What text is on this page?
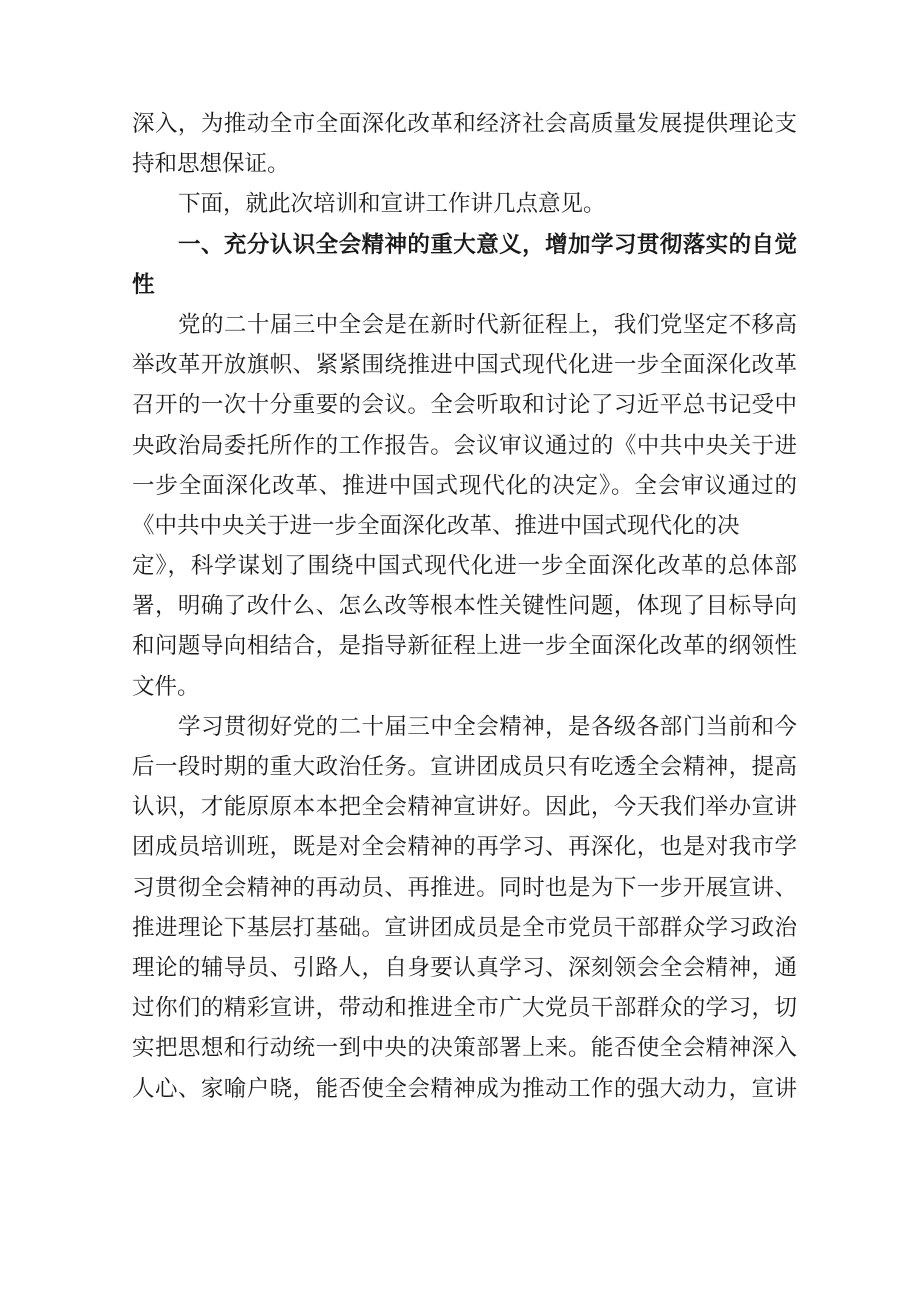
深入，为推动全市全面深化改革和经济社会高质量发展提供理论支
持和思想保证。
下面，就此次培训和宣讲工作讲几点意见。
一、充分认识全会精神的重大意义，增加学习贯彻落实的自觉
性
党的二十届三中全会是在新时代新征程上，我们党坚定不移高
举改革开放旗帜、紧紧围绕推进中国式现代化进一步全面深化改革
召开的一次十分重要的会议。全会听取和讨论了习近平总书记受中
央政治局委托所作的工作报告。会议审议通过的《中共中央关于进
一步全面深化改革、推进中国式现代化的决定》。全会审议通过的
《中共中央关于进一步全面深化改革、推进中国式现代化的决
定》，科学谋划了围绕中国式现代化进一步全面深化改革的总体部
署，明确了改什么、怎么改等根本性关键性问题，体现了目标导向
和问题导向相结合，是指导新征程上进一步全面深化改革的纲领性
文件。
学习贯彻好党的二十届三中全会精神，是各级各部门当前和今
后一段时期的重大政治任务。宣讲团成员只有吃透全会精神，提高
认识，才能原原本本把全会精神宣讲好。因此，今天我们举办宣讲
团成员培训班，既是对全会精神的再学习、再深化，也是对我市学
习贯彻全会精神的再动员、再推进。同时也是为下一步开展宣讲、
推进理论下基层打基础。宣讲团成员是全市党员干部群众学习政治
理论的辅导员、引路人，自身要认真学习、深刻领会全会精神，通
过你们的精彩宣讲，带动和推进全市广大党员干部群众的学习，切
实把思想和行动统一到中央的决策部署上来。能否使全会精神深入
人心、家喻户晓，能否使全会精神成为推动工作的强大动力，宣讲
